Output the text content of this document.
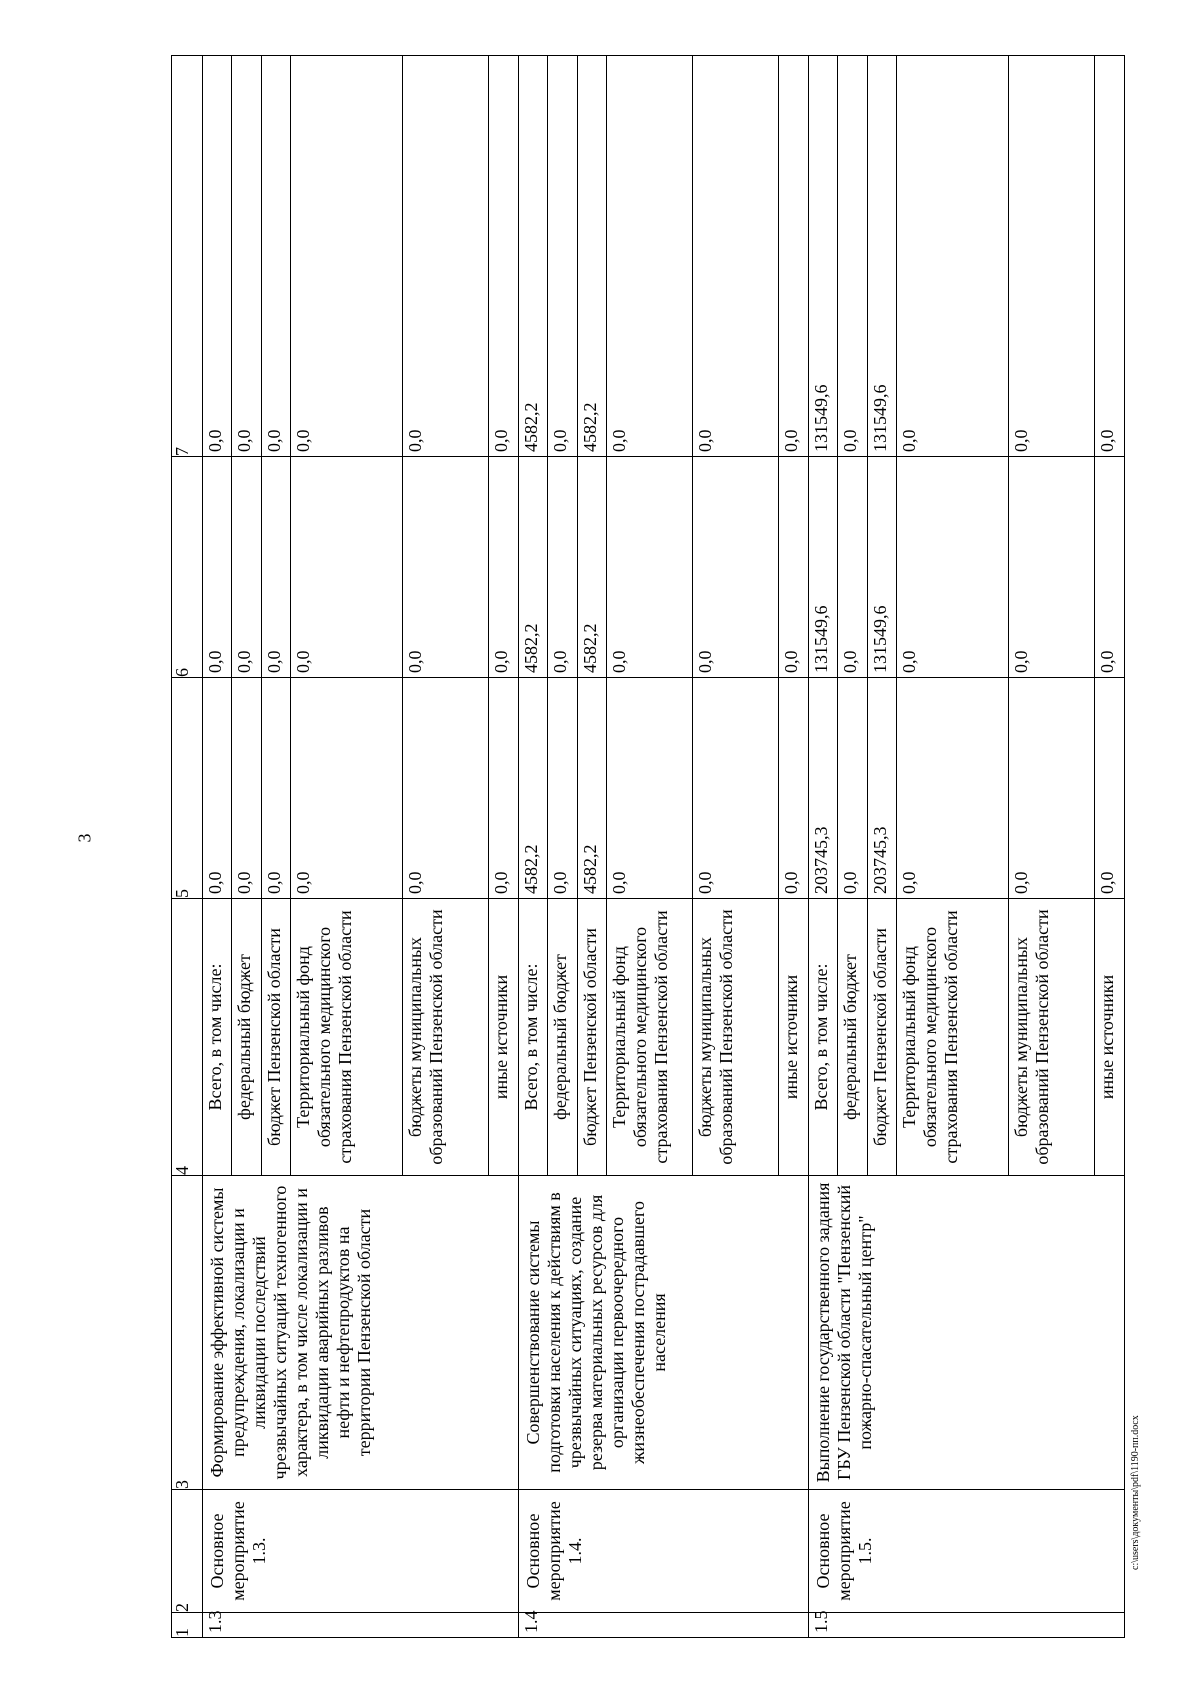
3
1	2	3	4	5	6	7
1.3	Основное мероприятие 1.3.	Формирование эффективной системы предупреждения, локализации и ликвидации последствий чрезвычайных ситуаций техногенного характера, в том числе локализации и ликвидации аварийных разливов нефти и нефтепродуктов на территории Пензенской области	Всего, в том числе:	0,0	0,0	0,0
			федеральный бюджет	0,0	0,0	0,0
			бюджет Пензенской области	0,0	0,0	0,0
			Территориальный фонд обязательного медицинского страхования Пензенской области	0,0	0,0	0,0
			бюджеты муниципальных образований Пензенской области	0,0	0,0	0,0
			иные источники	0,0	0,0	0,0
1.4	Основное мероприятие 1.4.	Совершенствование системы подготовки населения к действиям в чрезвычайных ситуациях, создание резерва материальных ресурсов для организации первоочередного жизнеобеспечения пострадавшего населения	Всего, в том числе:	4582,2	4582,2	4582,2
			федеральный бюджет	0,0	0,0	0,0
			бюджет Пензенской области	4582,2	4582,2	4582,2
			Территориальный фонд обязательного медицинского страхования Пензенской области	0,0	0,0	0,0
			бюджеты муниципальных образований Пензенской области	0,0	0,0	0,0
			иные источники	0,0	0,0	0,0
1.5	Основное мероприятие 1.5.	Выполнение государственного задания ГБУ Пензенской области "Пензенский пожарно-спасательный центр"	Всего, в том числе:	203745,3	131549,6	131549,6
			федеральный бюджет	0,0	0,0	0,0
			бюджет Пензенской области	203745,3	131549,6	131549,6
			Территориальный фонд обязательного медицинского страхования Пензенской области	0,0	0,0	0,0
			бюджеты муниципальных образований Пензенской области	0,0	0,0	0,0
			иные источники	0,0	0,0	0,0
c:\users\документы\pdf\1190-пп.docx
